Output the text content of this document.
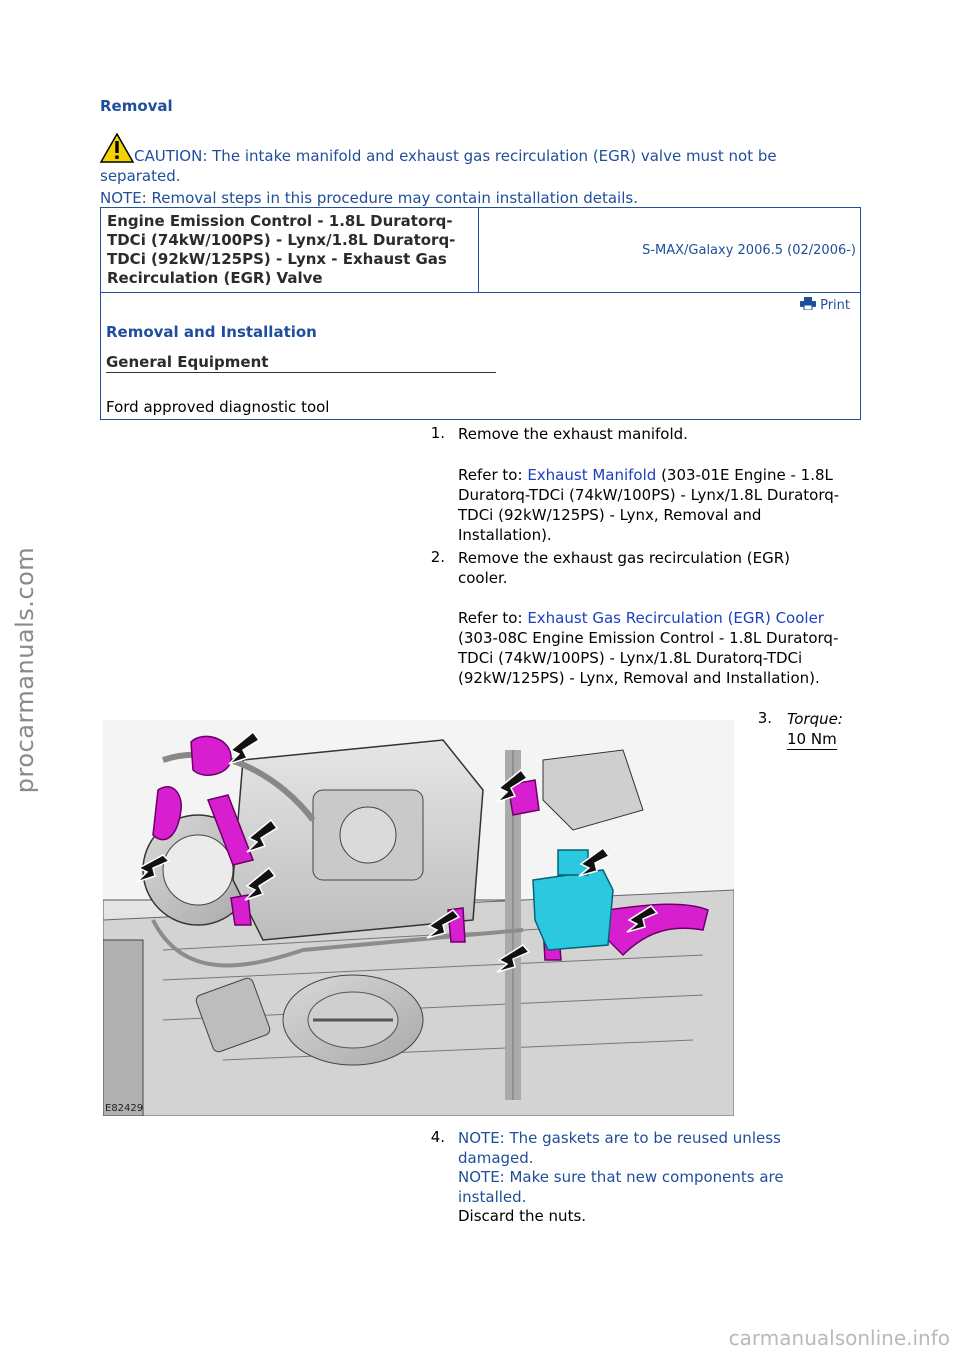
procarmanuals.com
Removal
CAUTION: The intake manifold and exhaust gas recirculation (EGR) valve must not be separated.
NOTE: Removal steps in this procedure may contain installation details.
Engine Emission Control - 1.8L Duratorq-TDCi (74kW/100PS) - Lynx/1.8L Duratorq-TDCi (92kW/125PS) - Lynx - Exhaust Gas Recirculation (EGR) Valve	S-MAX/Galaxy 2006.5 (02/2006-)

Print
Removal and Installation
General Equipment
Ford approved diagnostic tool
1. Remove the exhaust manifold.
Refer to: Exhaust Manifold (303-01E Engine - 1.8L Duratorq-TDCi (74kW/100PS) - Lynx/1.8L Duratorq-TDCi (92kW/125PS) - Lynx, Removal and Installation).
2. Remove the exhaust gas recirculation (EGR) cooler.
Refer to: Exhaust Gas Recirculation (EGR) Cooler (303-08C Engine Emission Control - 1.8L Duratorq-TDCi (74kW/100PS) - Lynx/1.8L Duratorq-TDCi (92kW/125PS) - Lynx, Removal and Installation).
3. Torque:
10 Nm
E82429
4. NOTE: The gaskets are to be reused unless damaged.
NOTE: Make sure that new components are installed.
Discard the nuts.
carmanualsonline.info
